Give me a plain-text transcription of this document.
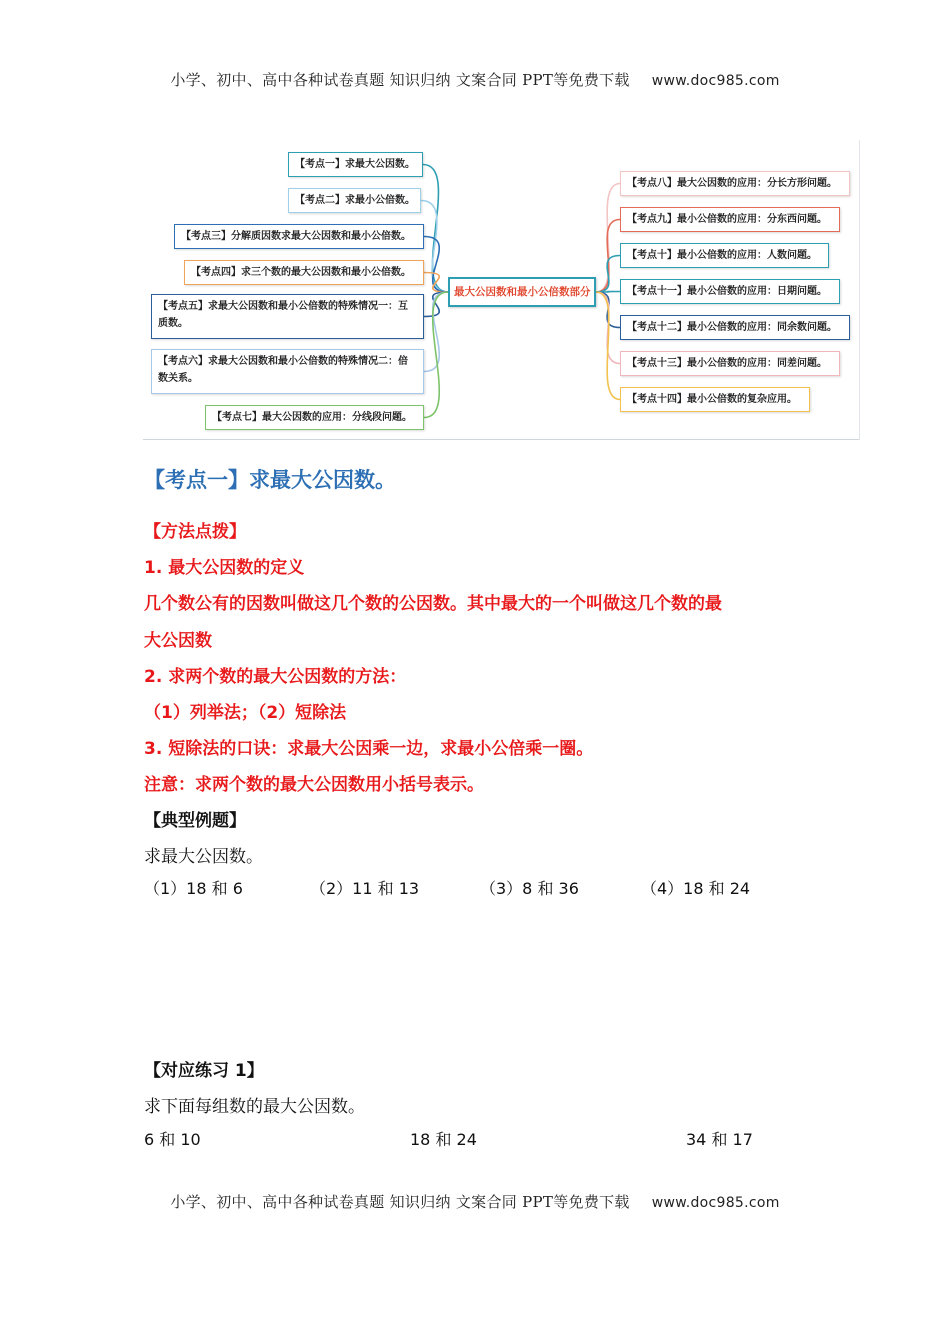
小学、初中、高中各种试卷真题 知识归纳 文案合同 PPT等免费下载 www.doc985.com
【考点一】求最大公因数。
【考点二】求最小公倍数。
【考点三】分解质因数求最大公因数和最小公倍数。
【考点四】求三个数的最大公因数和最小公倍数。
【考点五】求最大公因数和最小公倍数的特殊情况一：互质数。
【考点六】求最大公因数和最小公倍数的特殊情况二：倍数关系。
【考点七】最大公因数的应用：分线段问题。
最大公因数和最小公倍数部分
【考点八】最大公因数的应用：分长方形问题。
【考点九】最小公倍数的应用：分东西问题。
【考点十】最小公倍数的应用：人数问题。
【考点十一】最小公倍数的应用：日期问题。
【考点十二】最小公倍数的应用：同余数问题。
【考点十三】最小公倍数的应用：同差问题。
【考点十四】最小公倍数的复杂应用。
【考点一】求最大公因数。
【方法点拨】
1. 最大公因数的定义
几个数公有的因数叫做这几个数的公因数。其中最大的一个叫做这几个数的最
大公因数
2. 求两个数的最大公因数的方法：
（1）列举法；（2）短除法
3. 短除法的口诀：求最大公因乘一边，求最小公倍乘一圈。
注意：求两个数的最大公因数用小括号表示。
【典型例题】
求最大公因数。
（1）18 和 6	（2）11 和 13	（3）8 和 36	（4）18 和 24
【对应练习 1】
求下面每组数的最大公因数。
6 和 10	18 和 24	34 和 17
小学、初中、高中各种试卷真题 知识归纳 文案合同 PPT等免费下载 www.doc985.com
